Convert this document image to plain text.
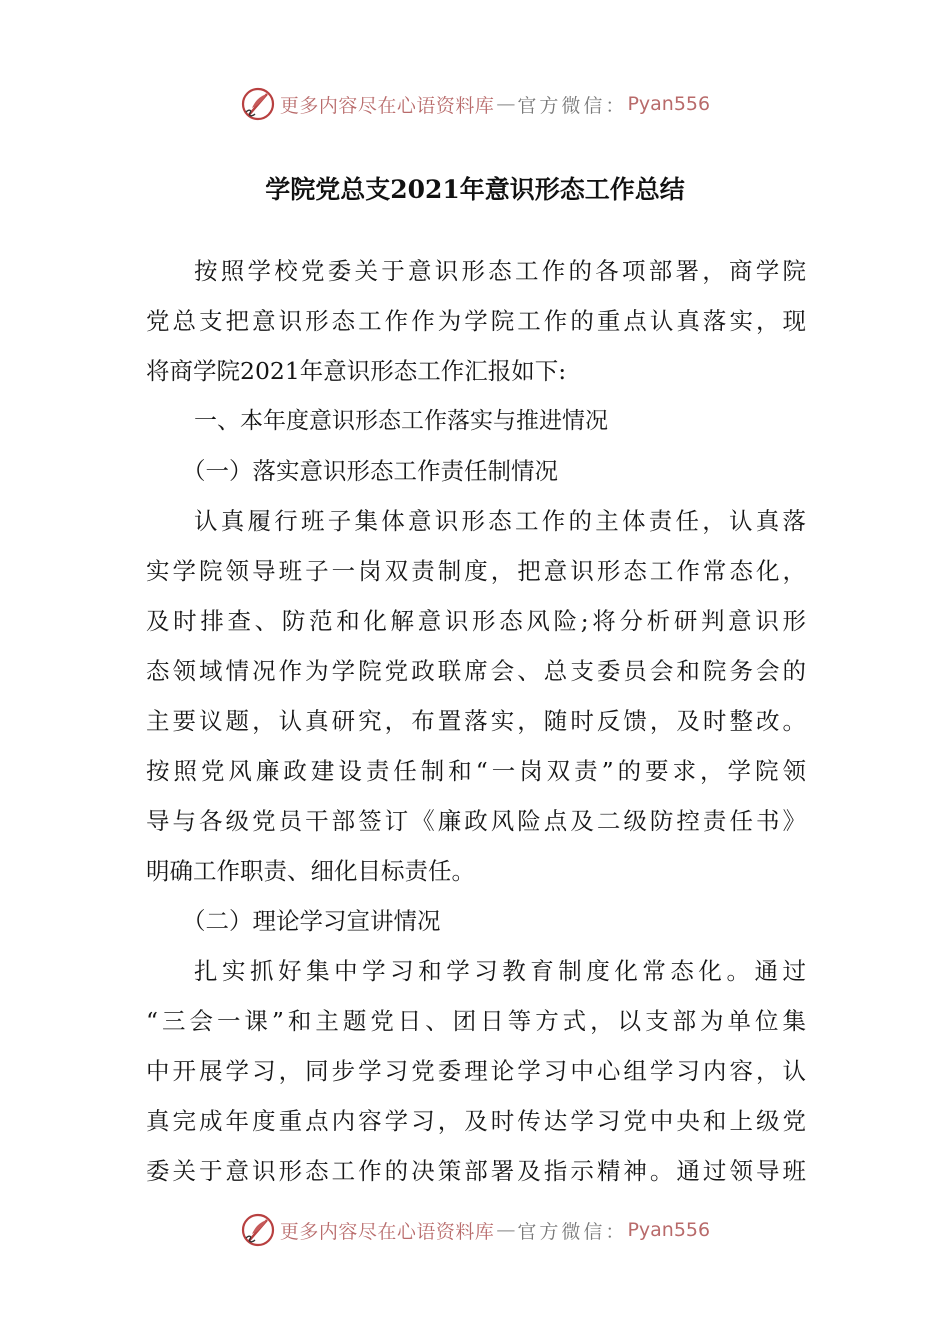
更多内容尽在心语资料库 — 官方微信： Pyan556
学院党总支2021年意识形态工作总结
按照学校党委关于意识形态工作的各项部署，商学院
党总支把意识形态工作作为学院工作的重点认真落实，现
将商学院2021年意识形态工作汇报如下:
一、本年度意识形态工作落实与推进情况
（一）落实意识形态工作责任制情况
认真履行班子集体意识形态工作的主体责任，认真落
实学院领导班子一岗双责制度，把意识形态工作常态化，
及时排查、防范和化解意识形态风险;将分析研判意识形
态领域情况作为学院党政联席会、总支委员会和院务会的
主要议题，认真研究，布置落实，随时反馈，及时整改。
按照党风廉政建设责任制和“一岗双责”的要求，学院领
导与各级党员干部签订《廉政风险点及二级防控责任书》
明确工作职责、细化目标责任。
（二）理论学习宣讲情况
扎实抓好集中学习和学习教育制度化常态化。通过
“三会一课”和主题党日、团日等方式，以支部为单位集
中开展学习，同步学习党委理论学习中心组学习内容，认
真完成年度重点内容学习，及时传达学习党中央和上级党
委关于意识形态工作的决策部署及指示精神。通过领导班
更多内容尽在心语资料库 — 官方微信： Pyan556
